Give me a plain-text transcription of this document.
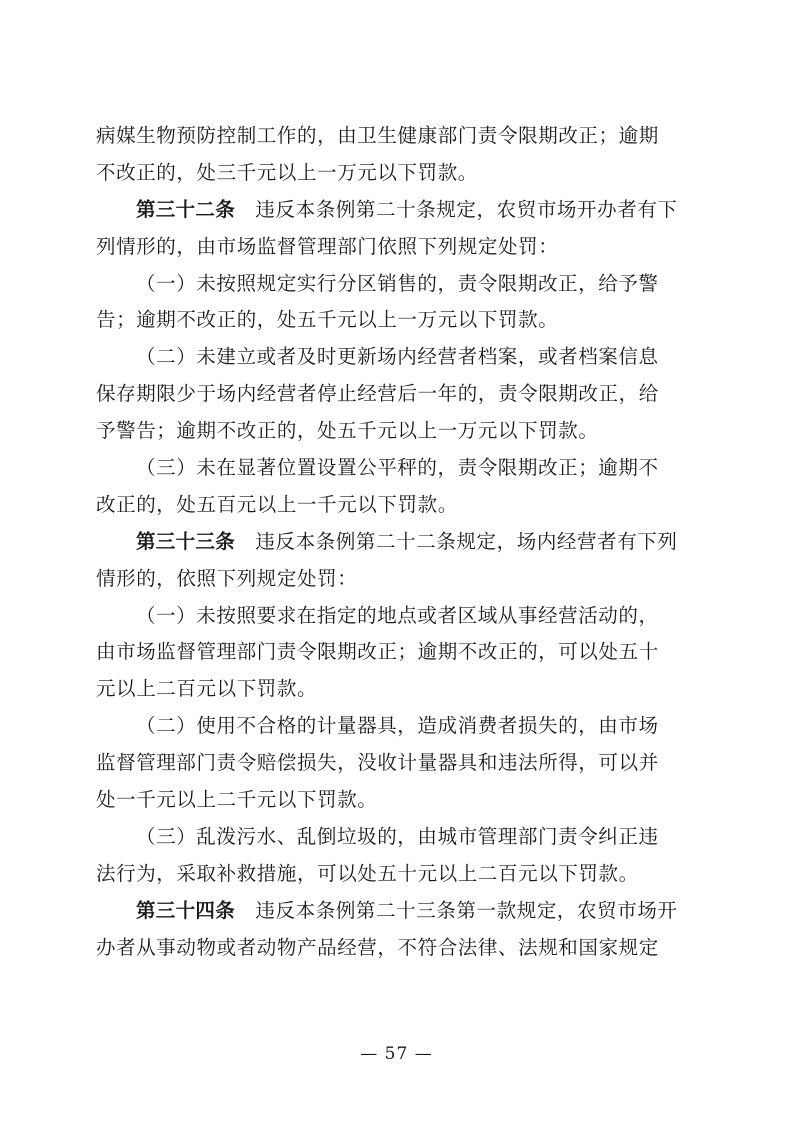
病媒生物预防控制工作的，由卫生健康部门责令限期改正；逾期
不改正的，处三千元以上一万元以下罚款。
第三十二条 违反本条例第二十条规定，农贸市场开办者有下
列情形的，由市场监督管理部门依照下列规定处罚：
（一）未按照规定实行分区销售的，责令限期改正，给予警
告；逾期不改正的，处五千元以上一万元以下罚款。
（二）未建立或者及时更新场内经营者档案，或者档案信息
保存期限少于场内经营者停止经营后一年的，责令限期改正，给
予警告；逾期不改正的，处五千元以上一万元以下罚款。
（三）未在显著位置设置公平秤的，责令限期改正；逾期不
改正的，处五百元以上一千元以下罚款。
第三十三条 违反本条例第二十二条规定，场内经营者有下列
情形的，依照下列规定处罚：
（一）未按照要求在指定的地点或者区域从事经营活动的，
由市场监督管理部门责令限期改正；逾期不改正的，可以处五十
元以上二百元以下罚款。
（二）使用不合格的计量器具，造成消费者损失的，由市场
监督管理部门责令赔偿损失，没收计量器具和违法所得，可以并
处一千元以上二千元以下罚款。
（三）乱泼污水、乱倒垃圾的，由城市管理部门责令纠正违
法行为，采取补救措施，可以处五十元以上二百元以下罚款。
第三十四条 违反本条例第二十三条第一款规定，农贸市场开
办者从事动物或者动物产品经营，不符合法律、法规和国家规定
— 57 —
